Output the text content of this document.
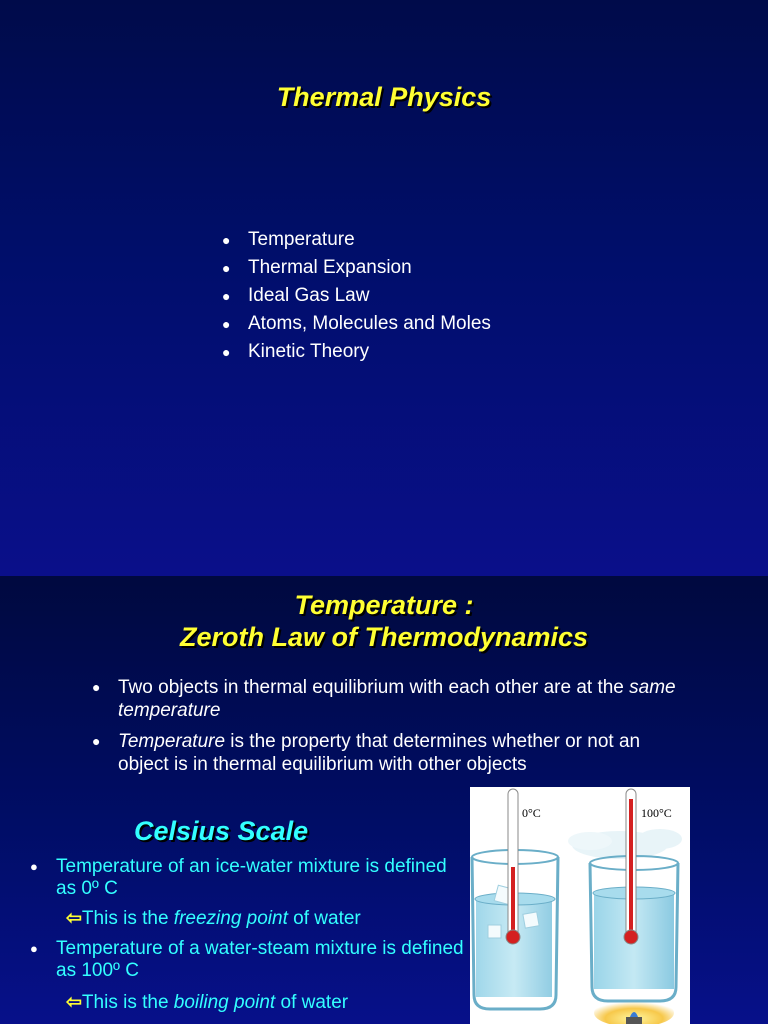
Thermal Physics
● Temperature
● Thermal Expansion
● Ideal Gas Law
● Atoms, Molecules and Moles
● Kinetic Theory
Temperature :
Zeroth Law of Thermodynamics
● Two objects in thermal equilibrium with each other are at the same temperature
● Temperature is the property that determines whether or not an object is in thermal equilibrium with other objects
Celsius Scale
● Temperature of an ice-water mixture is defined as 0º C
⇦This is the freezing point of water
● Temperature of a water-steam mixture is defined as 100º C
⇦This is the boiling point of water
0°C	100°C
